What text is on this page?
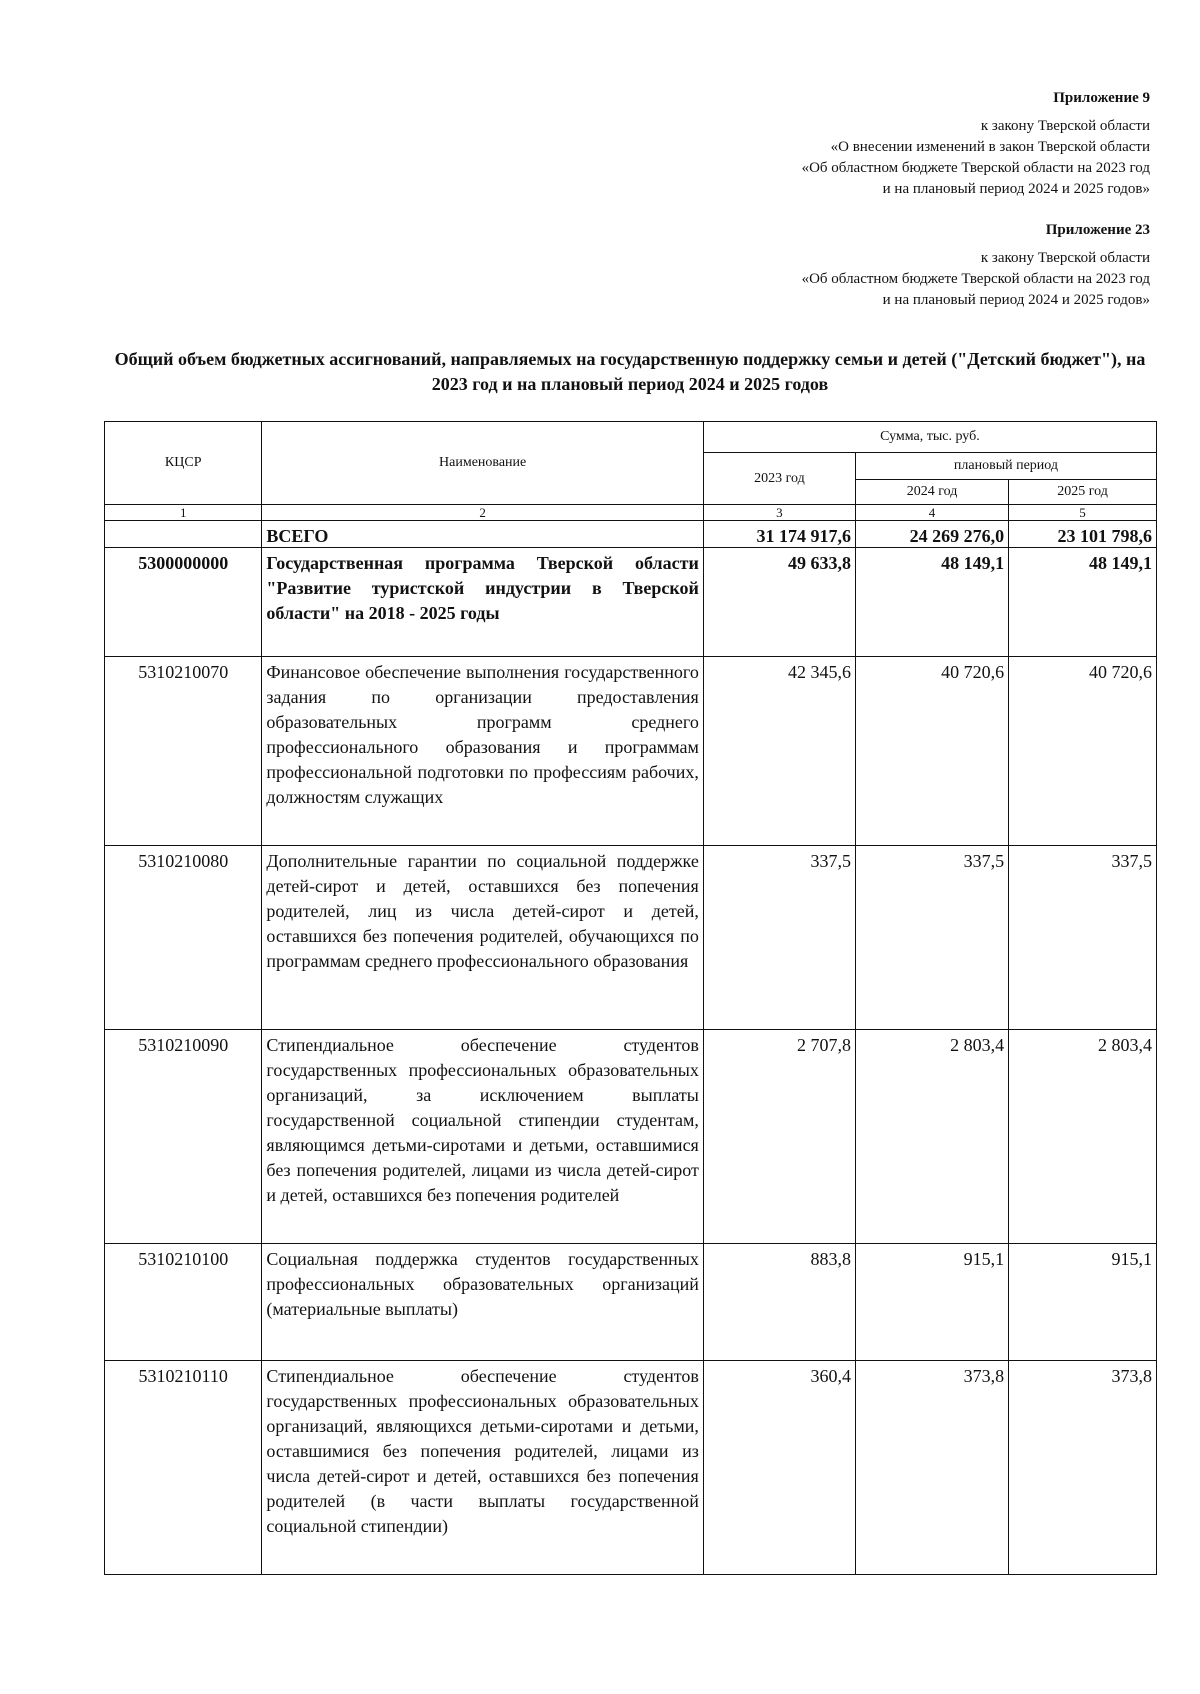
Приложение 9
к закону Тверской области
«О внесении изменений в закон Тверской области
«Об областном бюджете Тверской области на 2023 год
и на плановый период 2024 и 2025 годов»
Приложение 23
к закону Тверской области
«Об областном бюджете Тверской области на 2023 год
и на плановый период 2024 и 2025 годов»
Общий объем бюджетных ассигнований, направляемых на государственную поддержку семьи и детей ("Детский бюджет"), на 2023 год и на плановый период 2024 и 2025 годов
КЦСР	Наименование	Сумма, тыс. руб.		
		2023 год	плановый период	
			2024 год	2025 год
1	2	3	4	5
	ВСЕГО	31 174 917,6	24 269 276,0	23 101 798,6
5300000000	Государственная программа Тверской области "Развитие туристской индустрии в Тверской области" на 2018 - 2025 годы	49 633,8	48 149,1	48 149,1
5310210070	Финансовое обеспечение выполнения государственного задания по организации предоставления образовательных программ среднего профессионального образования и программам профессиональной подготовки по профессиям рабочих, должностям служащих	42 345,6	40 720,6	40 720,6
5310210080	Дополнительные гарантии по социальной поддержке детей-сирот и детей, оставшихся без попечения родителей, лиц из числа детей-сирот и детей, оставшихся без попечения родителей, обучающихся по программам среднего профессионального образования	337,5	337,5	337,5
5310210090	Стипендиальное обеспечение студентов государственных профессиональных образовательных организаций, за исключением выплаты государственной социальной стипендии студентам, являющимся детьми-сиротами и детьми, оставшимися без попечения родителей, лицами из числа детей-сирот и детей, оставшихся без попечения родителей	2 707,8	2 803,4	2 803,4
5310210100	Социальная поддержка студентов государственных профессиональных образовательных организаций (материальные выплаты)	883,8	915,1	915,1
5310210110	Стипендиальное обеспечение студентов государственных профессиональных образовательных организаций, являющихся детьми-сиротами и детьми, оставшимися без попечения родителей, лицами из числа детей-сирот и детей, оставшихся без попечения родителей (в части выплаты государственной социальной стипендии)	360,4	373,8	373,8
